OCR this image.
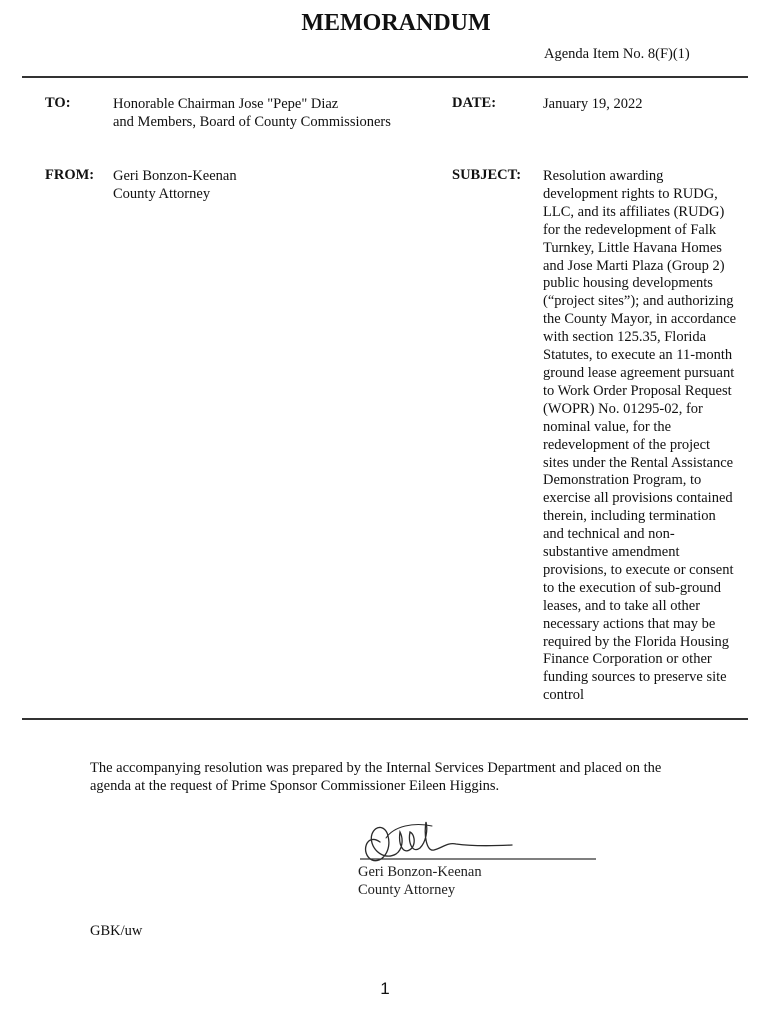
MEMORANDUM
Agenda Item No. 8(F)(1)
TO:	Honorable Chairman Jose "Pepe" Diaz
and Members, Board of County Commissioners
DATE:	January 19, 2022
FROM: Geri Bonzon-Keenan
County Attorney
SUBJECT: Resolution awarding
development rights to RUDG,
LLC, and its affiliates (RUDG)
for the redevelopment of Falk
Turnkey, Little Havana Homes
and Jose Marti Plaza (Group 2)
public housing developments
(“project sites”); and authorizing
the County Mayor, in accordance
with section 125.35, Florida
Statutes, to execute an 11-month
ground lease agreement pursuant
to Work Order Proposal Request
(WOPR) No. 01295-02, for
nominal value, for the
redevelopment of the project
sites under the Rental Assistance
Demonstration Program, to
exercise all provisions contained
therein, including termination
and technical and non-
substantive amendment
provisions, to execute or consent
to the execution of sub-ground
leases, and to take all other
necessary actions that may be
required by the Florida Housing
Finance Corporation or other
funding sources to preserve site
control
The accompanying resolution was prepared by the Internal Services Department and placed on the
agenda at the request of Prime Sponsor Commissioner Eileen Higgins.
Geri Bonzon-Keenan
County Attorney
GBK/uw
1
